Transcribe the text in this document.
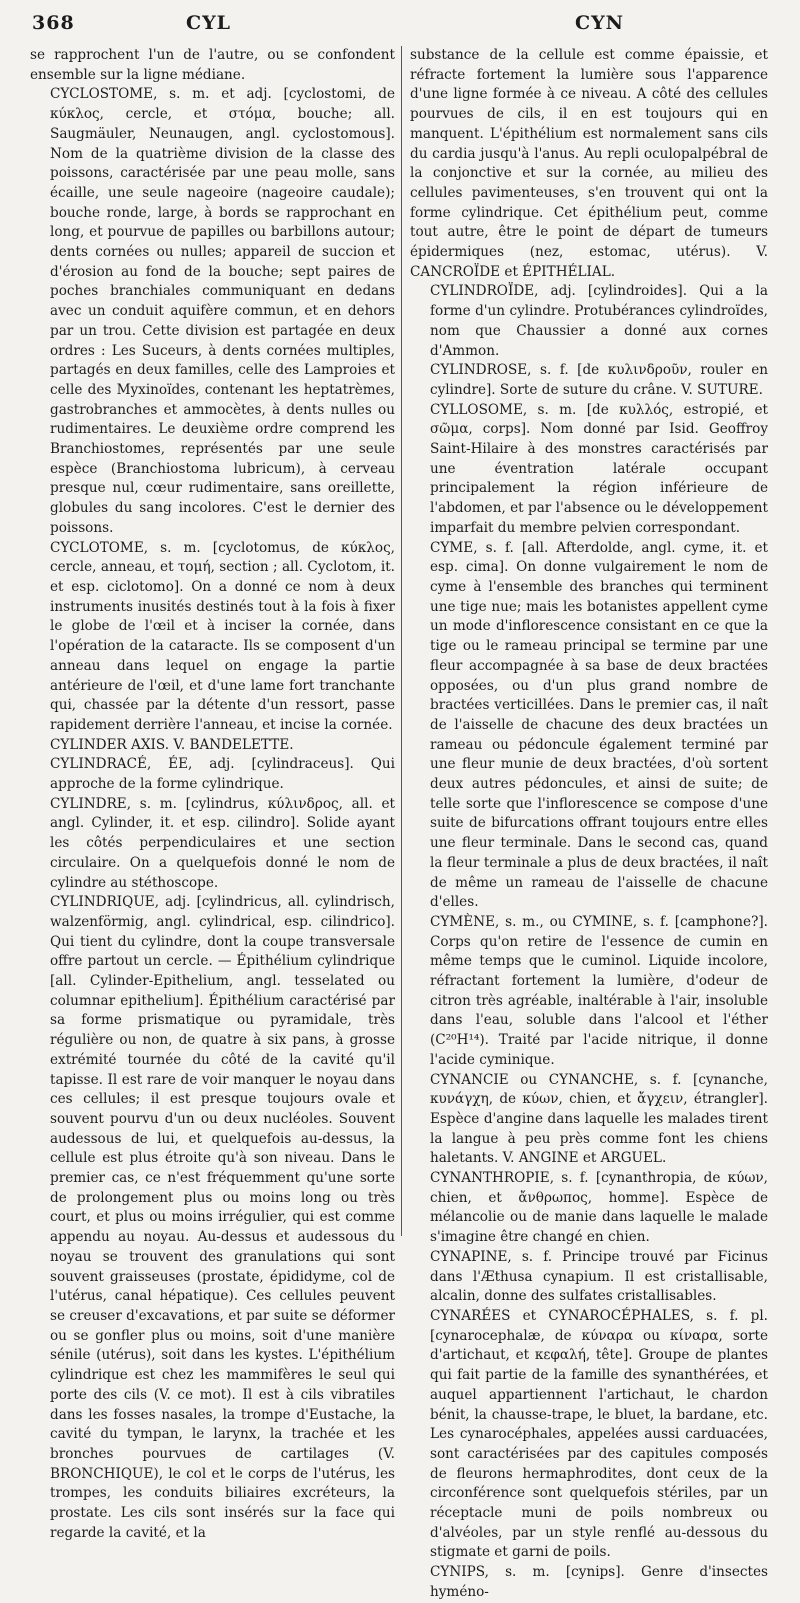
368	CYL	CYN

se rapprochent l'un de l'autre, ou se confondent ensemble sur la ligne médiane.

CYCLOSTOME, s. m. et adj. [cyclostomi, de κύκλος, cercle, et στόμα, bouche; all. Saugmäuler, Neunaugen, angl. cyclostomous]. Nom de la quatrième division de la classe des poissons, caractérisée par une peau molle, sans écaille, une seule nageoire (nageoire caudale); bouche ronde, large, à bords se rapprochant en long, et pourvue de papilles ou barbillons autour; dents cornées ou nulles; appareil de succion et d'érosion au fond de la bouche; sept paires de poches branchiales communiquant en dedans avec un conduit aquifère commun, et en dehors par un trou. Cette division est partagée en deux ordres : Les Suceurs, à dents cornées multiples, partagés en deux familles, celle des Lamproies et celle des Myxinoïdes, contenant les heptatrèmes, gastrobranches et ammocètes, à dents nulles ou rudimentaires. Le deuxième ordre comprend les Branchiostomes, représentés par une seule espèce (Branchiostoma lubricum), à cerveau presque nul, cœur rudimentaire, sans oreillette, globules du sang incolores. C'est le dernier des poissons.

CYCLOTOME, s. m. [cyclotomus, de κύκλος, cercle, anneau, et τομή, section ; all. Cyclotom, it. et esp. ciclotomo]. On a donné ce nom à deux instruments inusités destinés tout à la fois à fixer le globe de l'œil et à inciser la cornée, dans l'opération de la cataracte. Ils se composent d'un anneau dans lequel on engage la partie antérieure de l'œil, et d'une lame fort tranchante qui, chassée par la détente d'un ressort, passe rapidement derrière l'anneau, et incise la cornée.

CYLINDER AXIS. V. BANDELETTE.

CYLINDRACÉ, ÉE, adj. [cylindraceus]. Qui approche de la forme cylindrique.

CYLINDRE, s. m. [cylindrus, κύλινδρος, all. et angl. Cylinder, it. et esp. cilindro]. Solide ayant les côtés perpendiculaires et une section circulaire. On a quelquefois donné le nom de cylindre au stéthoscope.

CYLINDRIQUE, adj. [cylindricus, all. cylindrisch, walzenförmig, angl. cylindrical, esp. cilindrico]. Qui tient du cylindre, dont la coupe transversale offre partout un cercle. — Épithélium cylindrique [all. Cylinder-Epithelium, angl. tesselated ou columnar epithelium]. Épithélium caractérisé par sa forme prismatique ou pyramidale, très régulière ou non, de quatre à six pans, à grosse extrémité tournée du côté de la cavité qu'il tapisse. Il est rare de voir manquer le noyau dans ces cellules; il est presque toujours ovale et souvent pourvu d'un ou deux nucléoles. Souvent audessous de lui, et quelquefois au-dessus, la cellule est plus étroite qu'à son niveau. Dans le premier cas, ce n'est fréquemment qu'une sorte de prolongement plus ou moins long ou très court, et plus ou moins irrégulier, qui est comme appendu au noyau. Au-dessus et audessous du noyau se trouvent des granulations qui sont souvent graisseuses (prostate, épididyme, col de l'utérus, canal hépatique). Ces cellules peuvent se creuser d'excavations, et par suite se déformer ou se gonfler plus ou moins, soit d'une manière sénile (utérus), soit dans les kystes. L'épithélium cylindrique est chez les mammifères le seul qui porte des cils (V. ce mot). Il est à cils vibratiles dans les fosses nasales, la trompe d'Eustache, la cavité du tympan, le larynx, la trachée et les bronches pourvues de cartilages (V. BRONCHIQUE), le col et le corps de l'utérus, les trompes, les conduits biliaires excréteurs, la prostate. Les cils sont insérés sur la face qui regarde la cavité, et la

substance de la cellule est comme épaissie, et réfracte fortement la lumière sous l'apparence d'une ligne formée à ce niveau. A côté des cellules pourvues de cils, il en est toujours qui en manquent. L'épithélium est normalement sans cils du cardia jusqu'à l'anus. Au repli oculopalpébral de la conjonctive et sur la cornée, au milieu des cellules pavimenteuses, s'en trouvent qui ont la forme cylindrique. Cet épithélium peut, comme tout autre, être le point de départ de tumeurs épidermiques (nez, estomac, utérus). V. CANCROÏDE et ÉPITHÉLIAL.

CYLINDROÏDE, adj. [cylindroides]. Qui a la forme d'un cylindre. Protubérances cylindroïdes, nom que Chaussier a donné aux cornes d'Ammon.

CYLINDROSE, s. f. [de κυλινδροῦν, rouler en cylindre]. Sorte de suture du crâne. V. SUTURE.

CYLLOSOME, s. m. [de κυλλός, estropié, et σῶμα, corps]. Nom donné par Isid. Geoffroy Saint-Hilaire à des monstres caractérisés par une éventration latérale occupant principalement la région inférieure de l'abdomen, et par l'absence ou le développement imparfait du membre pelvien correspondant.

CYME, s. f. [all. Afterdolde, angl. cyme, it. et esp. cima]. On donne vulgairement le nom de cyme à l'ensemble des branches qui terminent une tige nue; mais les botanistes appellent cyme un mode d'inflorescence consistant en ce que la tige ou le rameau principal se termine par une fleur accompagnée à sa base de deux bractées opposées, ou d'un plus grand nombre de bractées verticillées. Dans le premier cas, il naît de l'aisselle de chacune des deux bractées un rameau ou pédoncule également terminé par une fleur munie de deux bractées, d'où sortent deux autres pédoncules, et ainsi de suite; de telle sorte que l'inflorescence se compose d'une suite de bifurcations offrant toujours entre elles une fleur terminale. Dans le second cas, quand la fleur terminale a plus de deux bractées, il naît de même un rameau de l'aisselle de chacune d'elles.

CYMÈNE, s. m., ou CYMINE, s. f. [camphone?]. Corps qu'on retire de l'essence de cumin en même temps que le cuminol. Liquide incolore, réfractant fortement la lumière, d'odeur de citron très agréable, inaltérable à l'air, insoluble dans l'eau, soluble dans l'alcool et l'éther (C²⁰H¹⁴). Traité par l'acide nitrique, il donne l'acide cyminique.

CYNANCIE ou CYNANCHE, s. f. [cynanche, κυνάγχη, de κύων, chien, et ἄγχειν, étrangler]. Espèce d'angine dans laquelle les malades tirent la langue à peu près comme font les chiens haletants. V. ANGINE et ARGUEL.

CYNANTHROPIE, s. f. [cynanthropia, de κύων, chien, et ἄνθρωπος, homme]. Espèce de mélancolie ou de manie dans laquelle le malade s'imagine être changé en chien.

CYNAPINE, s. f. Principe trouvé par Ficinus dans l'Æthusa cynapium. Il est cristallisable, alcalin, donne des sulfates cristallisables.

CYNARÉES et CYNAROCÉPHALES, s. f. pl. [cynarocephalæ, de κύναρα ou κίναρα, sorte d'artichaut, et κεφαλή, tête]. Groupe de plantes qui fait partie de la famille des synanthérées, et auquel appartiennent l'artichaut, le chardon bénit, la chausse-trape, le bluet, la bardane, etc. Les cynarocéphales, appelées aussi carduacées, sont caractérisées par des capitules composés de fleurons hermaphrodites, dont ceux de la circonférence sont quelquefois stériles, par un réceptacle muni de poils nombreux ou d'alvéoles, par un style renflé au-dessous du stigmate et garni de poils.

CYNIPS, s. m. [cynips]. Genre d'insectes hyméno-
